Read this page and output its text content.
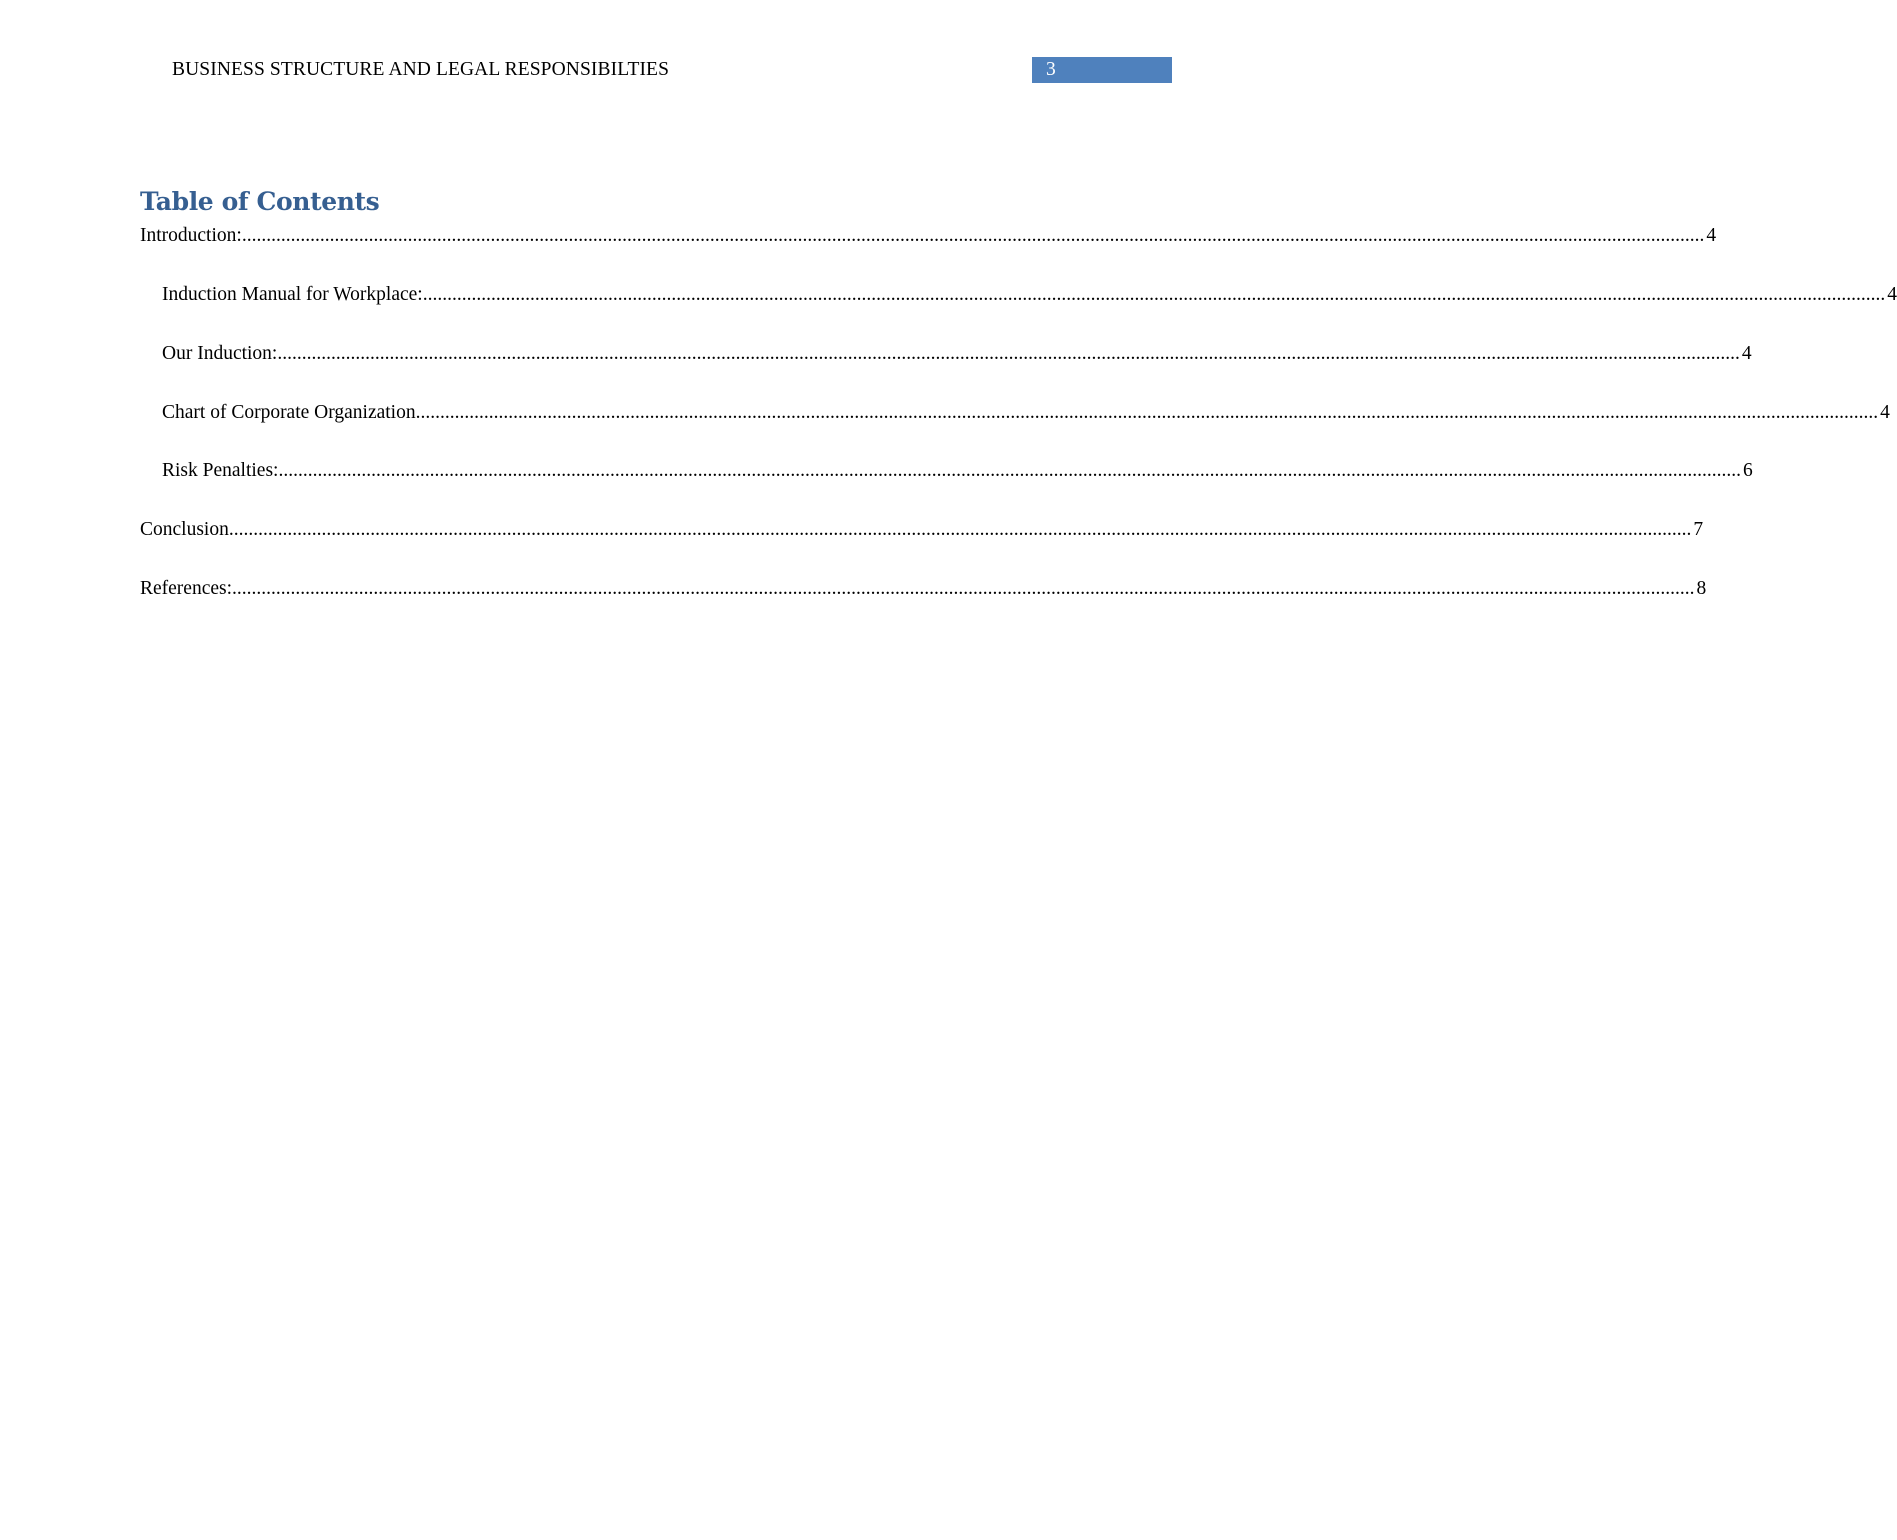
BUSINESS STRUCTURE AND LEGAL RESPONSIBILTIES	3
Table of Contents
Introduction: ............................................................................................................................................................................................................................................................................................................ 4
Induction Manual for Workplace: ............................................................................................................................................................................................................................................................................................................ 4
Our Induction: ............................................................................................................................................................................................................................................................................................................ 4
Chart of Corporate Organization ............................................................................................................................................................................................................................................................................................................ 4
Risk Penalties: ............................................................................................................................................................................................................................................................................................................ 6
Conclusion ............................................................................................................................................................................................................................................................................................................ 7
References: ............................................................................................................................................................................................................................................................................................................ 8
